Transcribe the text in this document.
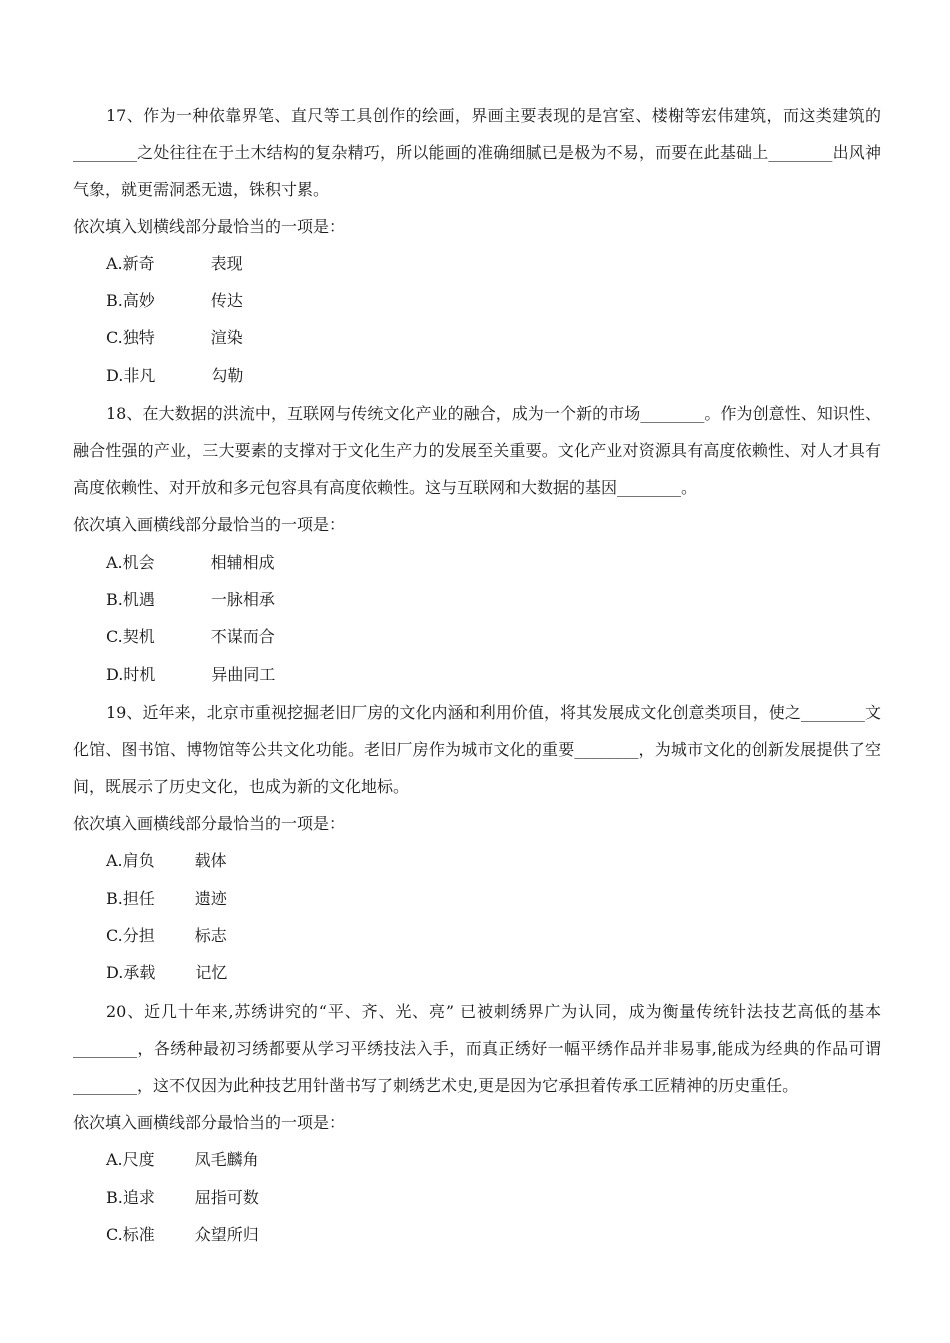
17、作为一种依靠界笔、直尺等工具创作的绘画，界画主要表现的是宫室、楼榭等宏伟建筑，而这类建筑的________之处往往在于土木结构的复杂精巧，所以能画的准确细腻已是极为不易，而要在此基础上________出风神气象，就更需洞悉无遗，铢积寸累。

依次填入划横线部分最恰当的一项是：

A.新奇	表现
B.高妙	传达
C.独特	渲染
D.非凡	勾勒

18、在大数据的洪流中，互联网与传统文化产业的融合，成为一个新的市场________。作为创意性、知识性、融合性强的产业，三大要素的支撑对于文化生产力的发展至关重要。文化产业对资源具有高度依赖性、对人才具有高度依赖性、对开放和多元包容具有高度依赖性。这与互联网和大数据的基因________。

依次填入画横线部分最恰当的一项是：

A.机会	相辅相成
B.机遇	一脉相承
C.契机	不谋而合
D.时机	异曲同工

19、近年来，北京市重视挖掘老旧厂房的文化内涵和利用价值，将其发展成文化创意类项目，使之________文化馆、图书馆、博物馆等公共文化功能。老旧厂房作为城市文化的重要________，为城市文化的创新发展提供了空间，既展示了历史文化，也成为新的文化地标。

依次填入画横线部分最恰当的一项是：

A.肩负 载体
B.担任 遗迹
C.分担 标志
D.承载 记忆

20、近几十年来,苏绣讲究的“平、齐、光、亮” 已被刺绣界广为认同，成为衡量传统针法技艺高低的基本________，各绣种最初习绣都要从学习平绣技法入手，而真正绣好一幅平绣作品并非易事,能成为经典的作品可谓________，这不仅因为此种技艺用针凿书写了刺绣艺术史,更是因为它承担着传承工匠精神的历史重任。

依次填入画横线部分最恰当的一项是：

A.尺度 凤毛麟角
B.追求 屈指可数
C.标准 众望所归
